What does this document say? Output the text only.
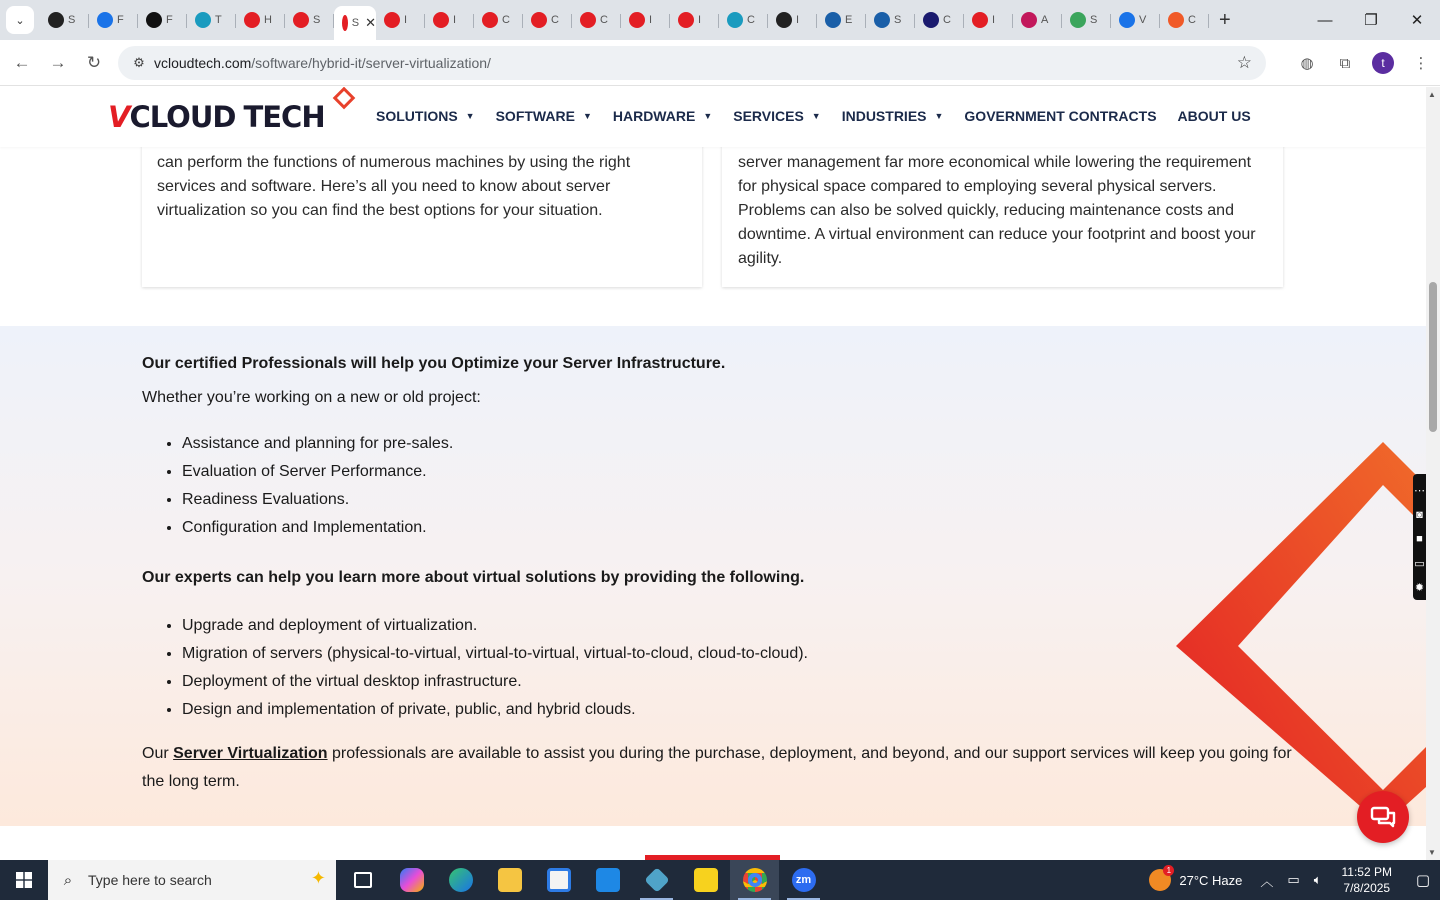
⌄	S	F	F	T	H	S	S ✕	I	I	C	C	C	I	I	C	I	E	S	C	I	A	S	V	C +	—	❐	✕
←	→	↻	⚙ vcloudtech.com/software/hybrid-it/server-virtualization/	☆	◍	⧉	t	⋮

can perform the functions of numerous machines by using the right services and software. Here’s all you need to know about server virtualization so you can find the best options for your situation.

server management far more economical while lowering the requirement for physical space compared to employing several physical servers. Problems can also be solved quickly, reducing maintenance costs and downtime. A virtual environment can reduce your footprint and boost your agility.

Our certified Professionals will help you Optimize your Server Infrastructure.

Whether you’re working on a new or old project:

• Assistance and planning for pre-sales.
• Evaluation of Server Performance.
• Readiness Evaluations.
• Configuration and Implementation.

Our experts can help you learn more about virtual solutions by providing the following.

• Upgrade and deployment of virtualization.
• Migration of servers (physical-to-virtual, virtual-to-virtual, virtual-to-cloud, cloud-to-cloud).
• Deployment of the virtual desktop infrastructure.
• Design and implementation of private, public, and hybrid clouds.

Our Server Virtualization professionals are available to assist you during the purchase, deployment, and beyond, and our support services will keep you going for the long term.

⋯
◙
■
▭
✹
V CLOUD TECH	SOLUTIONS ▼ SOFTWARE ▼ HARDWARE ▼ SERVICES ▼ INDUSTRIES ▼ GOVERNMENT CONTRACTS ABOUT US
▲
▼
⌕	Type here to search	✦	zm
1
27°C Haze ︿ ▭ 🔈︎ 11:52 PM
7/8/2025	▢
